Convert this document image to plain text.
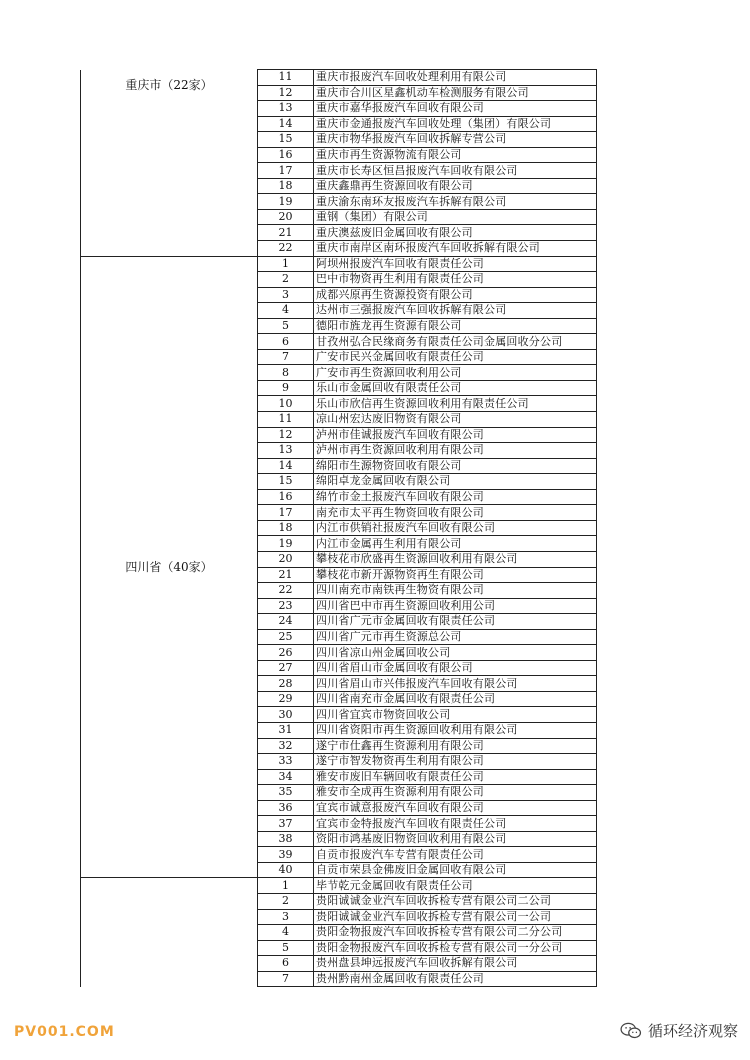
重庆市（22家）	11	重庆市报废汽车回收处理利用有限公司
	12	重庆市合川区星鑫机动车检测服务有限公司
	13	重庆市嘉华报废汽车回收有限公司
	14	重庆市金通报废汽车回收处理（集团）有限公司
	15	重庆市物华报废汽车回收拆解专营公司
	16	重庆市再生资源物流有限公司
	17	重庆市长寿区恒昌报废汽车回收有限公司
	18	重庆鑫鼎再生资源回收有限公司
	19	重庆渝东南环友报废汽车拆解有限公司
	20	重钢（集团）有限公司
	21	重庆澳兹废旧金属回收有限公司
	22	重庆市南岸区南环报废汽车回收拆解有限公司
四川省（40家）	1	阿坝州报废汽车回收有限责任公司
	2	巴中市物资再生利用有限责任公司
	3	成都兴原再生资源投资有限公司
	4	达州市三强报废汽车回收拆解有限公司
	5	德阳市旌龙再生资源有限公司
	6	甘孜州弘合民缘商务有限责任公司金属回收分公司
	7	广安市民兴金属回收有限责任公司
	8	广安市再生资源回收利用公司
	9	乐山市金属回收有限责任公司
	10	乐山市欣信再生资源回收利用有限责任公司
	11	凉山州宏达废旧物资有限公司
	12	泸州市佳诚报废汽车回收有限公司
	13	泸州市再生资源回收利用有限公司
	14	绵阳市生源物资回收有限公司
	15	绵阳卓龙金属回收有限公司
	16	绵竹市金土报废汽车回收有限公司
	17	南充市太平再生物资回收有限公司
	18	内江市供销社报废汽车回收有限公司
	19	内江市金属再生利用有限公司
	20	攀枝花市欣盛再生资源回收利用有限公司
	21	攀枝花市新开源物资再生有限公司
	22	四川南充市南铁再生物资有限公司
	23	四川省巴中市再生资源回收利用公司
	24	四川省广元市金属回收有限责任公司
	25	四川省广元市再生资源总公司
	26	四川省凉山州金属回收公司
	27	四川省眉山市金属回收有限公司
	28	四川省眉山市兴伟报废汽车回收有限公司
	29	四川省南充市金属回收有限责任公司
	30	四川省宜宾市物资回收公司
	31	四川省资阳市再生资源回收利用有限公司
	32	遂宁市仕鑫再生资源利用有限公司
	33	遂宁市智发物资再生利用有限公司
	34	雅安市废旧车辆回收有限责任公司
	35	雅安市全成再生资源利用有限公司
	36	宜宾市诚意报废汽车回收有限公司
	37	宜宾市金特报废汽车回收有限责任公司
	38	资阳市鸿基废旧物资回收利用有限公司
	39	自贡市报废汽车专营有限责任公司
	40	自贡市荣县金佛废旧金属回收有限公司
	1	毕节乾元金属回收有限责任公司
	2	贵阳诚诚金业汽车回收拆检专营有限公司二公司
	3	贵阳诚诚金业汽车回收拆检专营有限公司一公司
	4	贵阳金物报废汽车回收拆检专营有限公司二分公司
	5	贵阳金物报废汽车回收拆检专营有限公司一分公司
	6	贵州盘县坤远报废汽车回收拆解有限公司
	7	贵州黔南州金属回收有限责任公司
PV001.COM	循环经济观察
